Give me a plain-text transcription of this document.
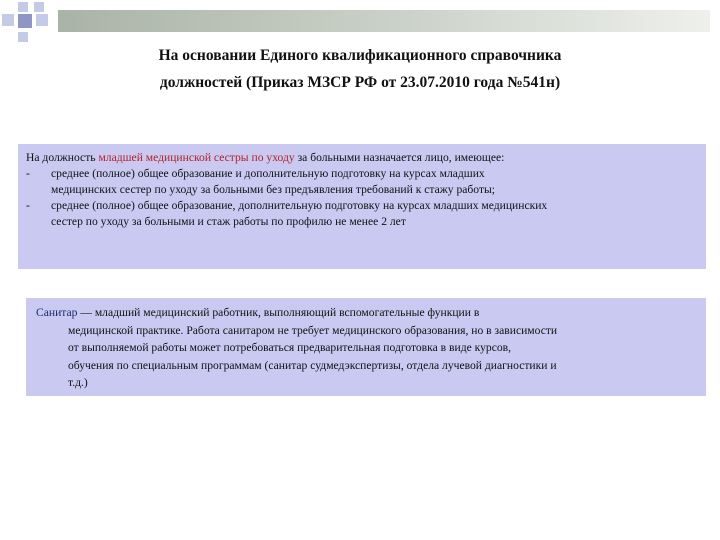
На основании Единого квалификационного справочника
должностей (Приказ МЗСР РФ от 23.07.2010 года №541н)
На должность младшей медицинской сестры по уходу за больными назначается лицо, имеющее:
-	среднее (полное) общее образование и дополнительную подготовку на курсах младших
медицинских сестер по уходу за больными без предъявления требований к стажу работы;
-	среднее (полное) общее образование, дополнительную подготовку на курсах младших медицинских
сестер по уходу за больными и стаж работы по профилю не менее 2 лет
Санитар — младший медицинский работник, выполняющий вспомогательные функции в
медицинской практике. Работа санитаром не требует медицинского образования, но в зависимости
от выполняемой работы может потребоваться предварительная подготовка в виде курсов,
обучения по специальным программам (санитар судмедэкспертизы, отдела лучевой диагностики и
т.д.)
